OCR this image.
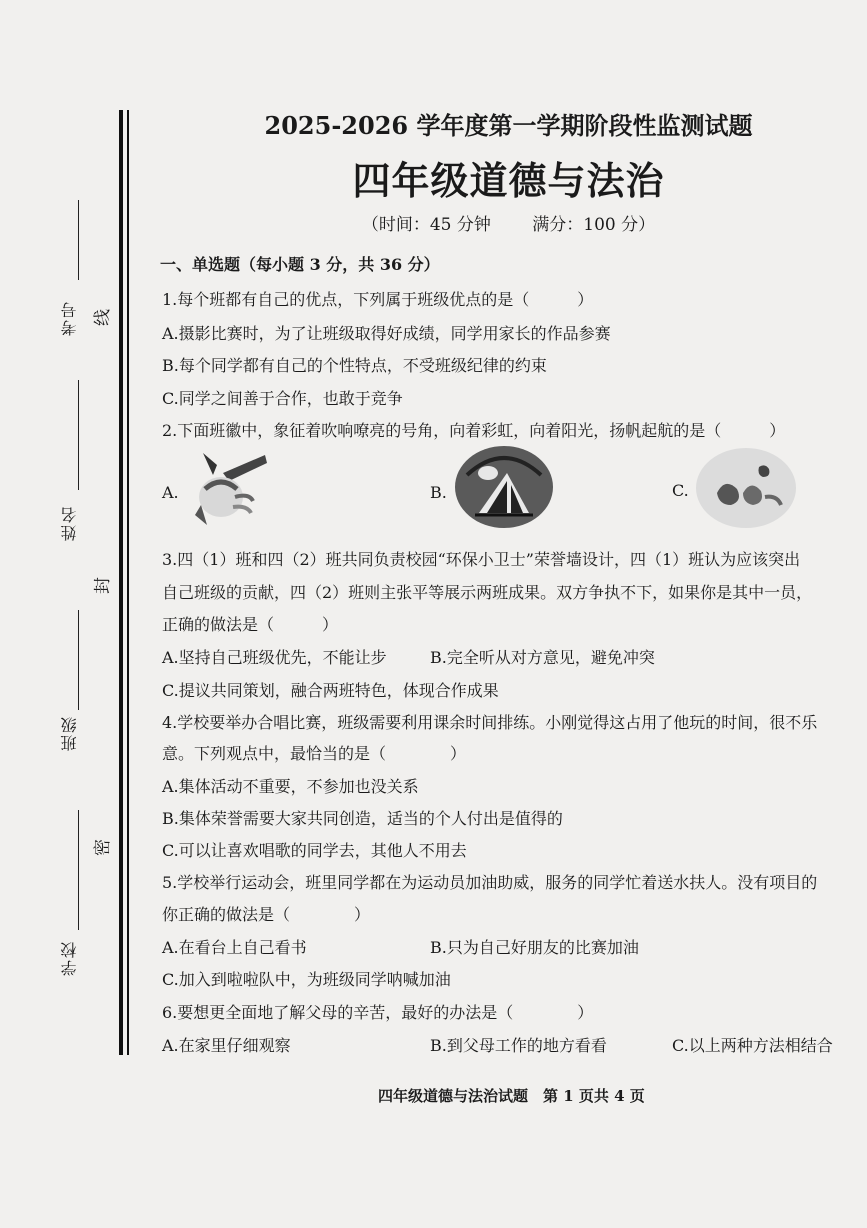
考号
姓名
班级
学校
线
封
密
2025-2026 学年度第一学期阶段性监测试题
四年级道德与法治
（时间：45 分钟 满分：100 分）
一、单选题（每小题 3 分，共 36 分）
1.每个班都有自己的优点，下列属于班级优点的是（　　　）
A.摄影比赛时，为了让班级取得好成绩，同学用家长的作品参赛
B.每个同学都有自己的个性特点，不受班级纪律的约束
C.同学之间善于合作，也敢于竞争
2.下面班徽中，象征着吹响嘹亮的号角，向着彩虹，向着阳光，扬帆起航的是（　　　）
A.	B.	C.
3.四（1）班和四（2）班共同负责校园“环保小卫士”荣誉墙设计，四（1）班认为应该突出
自己班级的贡献，四（2）班则主张平等展示两班成果。双方争执不下，如果你是其中一员，
正确的做法是（　　　）
A.坚持自己班级优先，不能让步	B.完全听从对方意见，避免冲突
C.提议共同策划，融合两班特色，体现合作成果
4.学校要举办合唱比赛，班级需要利用课余时间排练。小刚觉得这占用了他玩的时间，很不乐
意。下列观点中，最恰当的是（　　　　）
A.集体活动不重要，不参加也没关系
B.集体荣誉需要大家共同创造，适当的个人付出是值得的
C.可以让喜欢唱歌的同学去，其他人不用去
5.学校举行运动会，班里同学都在为运动员加油助威，服务的同学忙着送水扶人。没有项目的
你正确的做法是（　　　　）
A.在看台上自己看书	B.只为自己好朋友的比赛加油
C.加入到啦啦队中，为班级同学呐喊加油
6.要想更全面地了解父母的辛苦，最好的办法是（　　　　）
A.在家里仔细观察	B.到父母工作的地方看看	C.以上两种方法相结合
四年级道德与法治试题　第 1 页共 4 页
